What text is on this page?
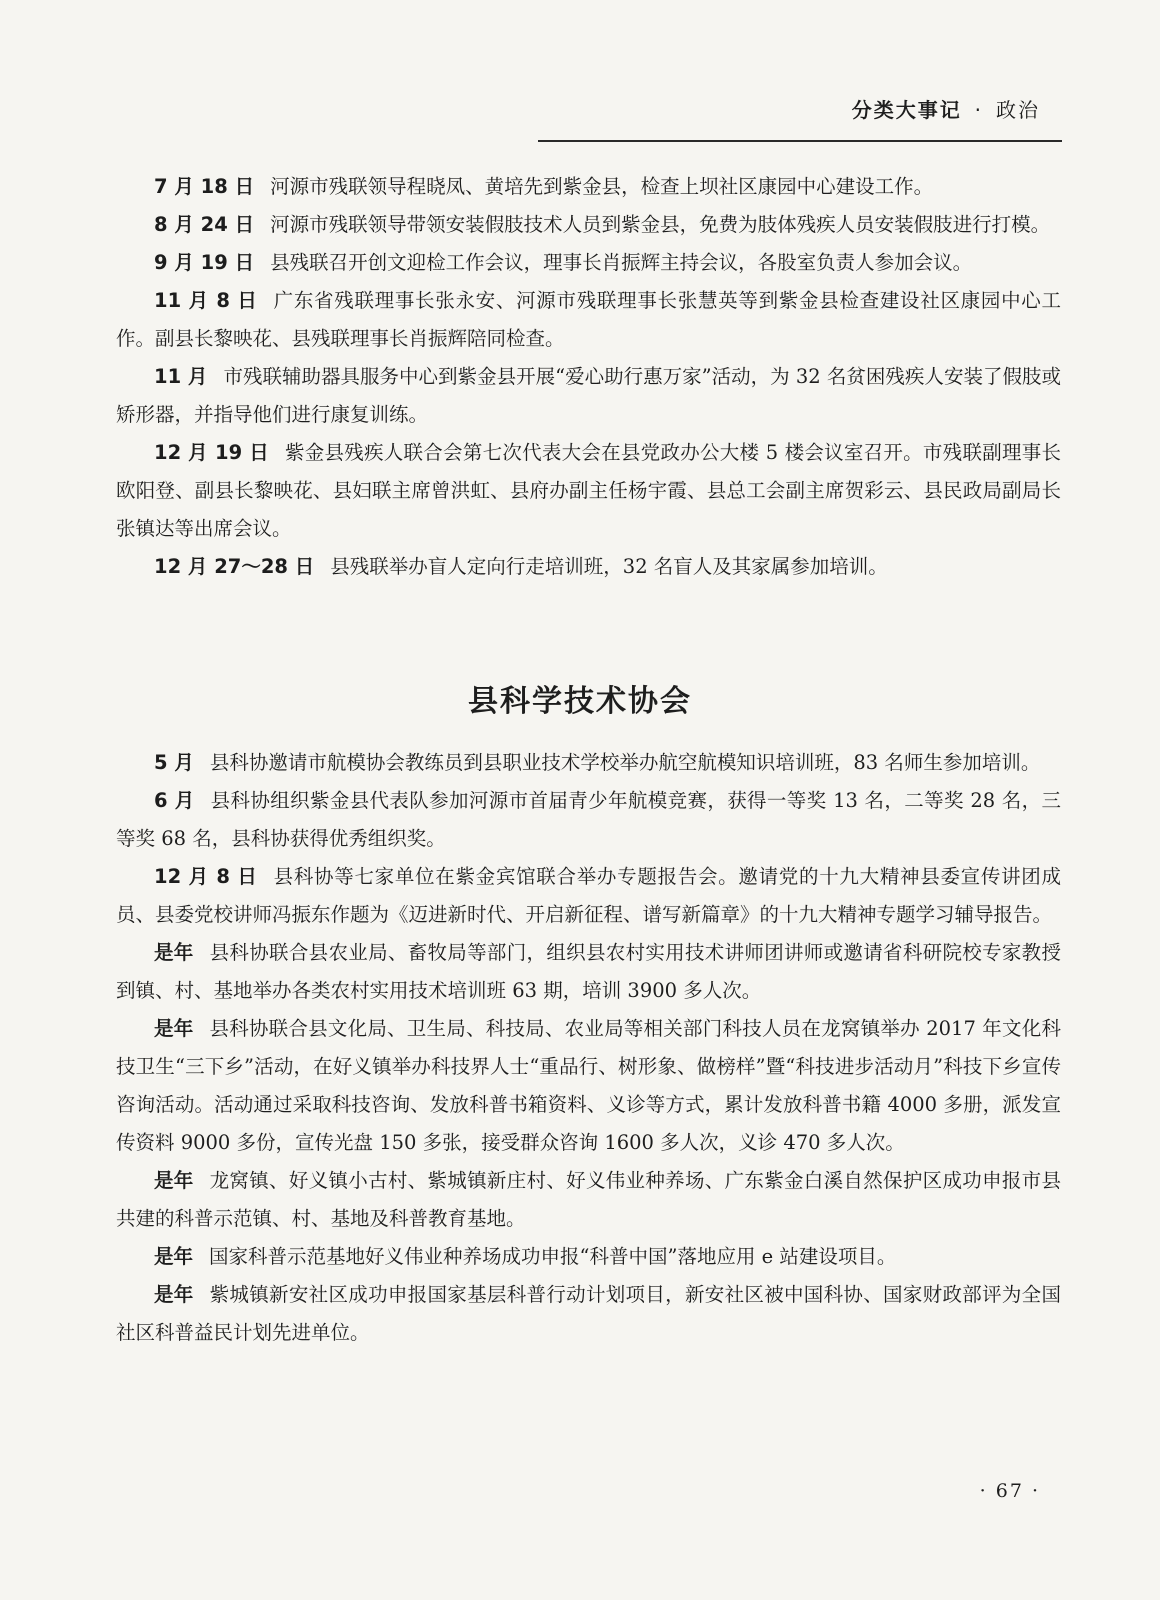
分类大事记 · 政治

7 月 18 日 河源市残联领导程晓凤、黄培先到紫金县，检查上坝社区康园中心建设工作。

8 月 24 日 河源市残联领导带领安装假肢技术人员到紫金县，免费为肢体残疾人员安装假肢进行打模。

9 月 19 日 县残联召开创文迎检工作会议，理事长肖振辉主持会议，各股室负责人参加会议。

11 月 8 日 广东省残联理事长张永安、河源市残联理事长张慧英等到紫金县检查建设社区康园中心工作。副县长黎映花、县残联理事长肖振辉陪同检查。

11 月 市残联辅助器具服务中心到紫金县开展“爱心助行惠万家”活动，为 32 名贫困残疾人安装了假肢或矫形器，并指导他们进行康复训练。

12 月 19 日 紫金县残疾人联合会第七次代表大会在县党政办公大楼 5 楼会议室召开。市残联副理事长欧阳登、副县长黎映花、县妇联主席曾洪虹、县府办副主任杨宇霞、县总工会副主席贺彩云、县民政局副局长张镇达等出席会议。

12 月 27～28 日 县残联举办盲人定向行走培训班，32 名盲人及其家属参加培训。

县科学技术协会

5 月 县科协邀请市航模协会教练员到县职业技术学校举办航空航模知识培训班，83 名师生参加培训。

6 月 县科协组织紫金县代表队参加河源市首届青少年航模竞赛，获得一等奖 13 名，二等奖 28 名，三等奖 68 名，县科协获得优秀组织奖。

12 月 8 日 县科协等七家单位在紫金宾馆联合举办专题报告会。邀请党的十九大精神县委宣传讲团成员、县委党校讲师冯振东作题为《迈进新时代、开启新征程、谱写新篇章》的十九大精神专题学习辅导报告。

是年 县科协联合县农业局、畜牧局等部门，组织县农村实用技术讲师团讲师或邀请省科研院校专家教授到镇、村、基地举办各类农村实用技术培训班 63 期，培训 3900 多人次。

是年 县科协联合县文化局、卫生局、科技局、农业局等相关部门科技人员在龙窝镇举办 2017 年文化科技卫生“三下乡”活动，在好义镇举办科技界人士“重品行、树形象、做榜样”暨“科技进步活动月”科技下乡宣传咨询活动。活动通过采取科技咨询、发放科普书箱资料、义诊等方式，累计发放科普书籍 4000 多册，派发宣传资料 9000 多份，宣传光盘 150 多张，接受群众咨询 1600 多人次，义诊 470 多人次。

是年 龙窝镇、好义镇小古村、紫城镇新庄村、好义伟业种养场、广东紫金白溪自然保护区成功申报市县共建的科普示范镇、村、基地及科普教育基地。

是年 国家科普示范基地好义伟业种养场成功申报“科普中国”落地应用 e 站建设项目。

是年 紫城镇新安社区成功申报国家基层科普行动计划项目，新安社区被中国科协、国家财政部评为全国社区科普益民计划先进单位。

· 67 ·
